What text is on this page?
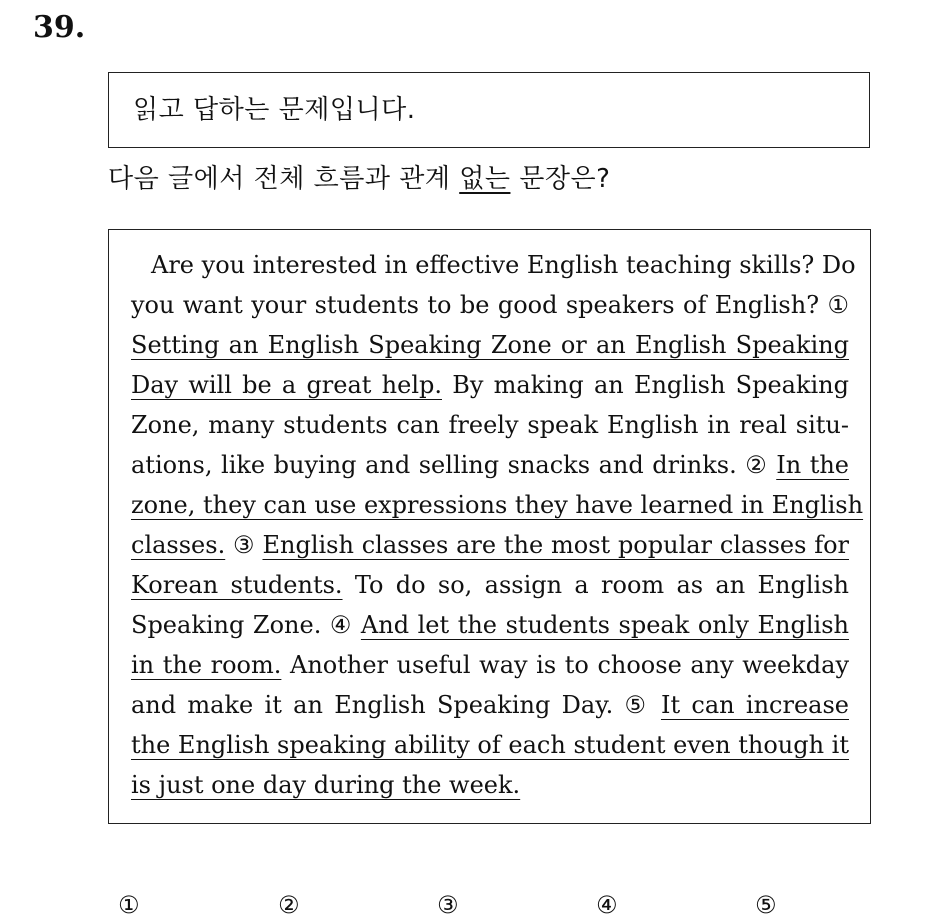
39.
읽고 답하는 문제입니다.
다음 글에서 전체 흐름과 관계 없는 문장은?
Are you interested in effective English teaching skills? Do
you want your students to be good speakers of English? ①
Setting an English Speaking Zone or an English Speaking
Day will be a great help. By making an English Speaking
Zone, many students can freely speak English in real situ-
ations, like buying and selling snacks and drinks. ② In the
zone, they can use expressions they have learned in English
classes. ③ English classes are the most popular classes for
Korean students. To do so, assign a room as an English
Speaking Zone. ④ And let the students speak only English
in the room. Another useful way is to choose any weekday
and make it an English Speaking Day. ⑤ It can increase
the English speaking ability of each student even though it
is just one day during the week.
①	②	③	④	⑤
